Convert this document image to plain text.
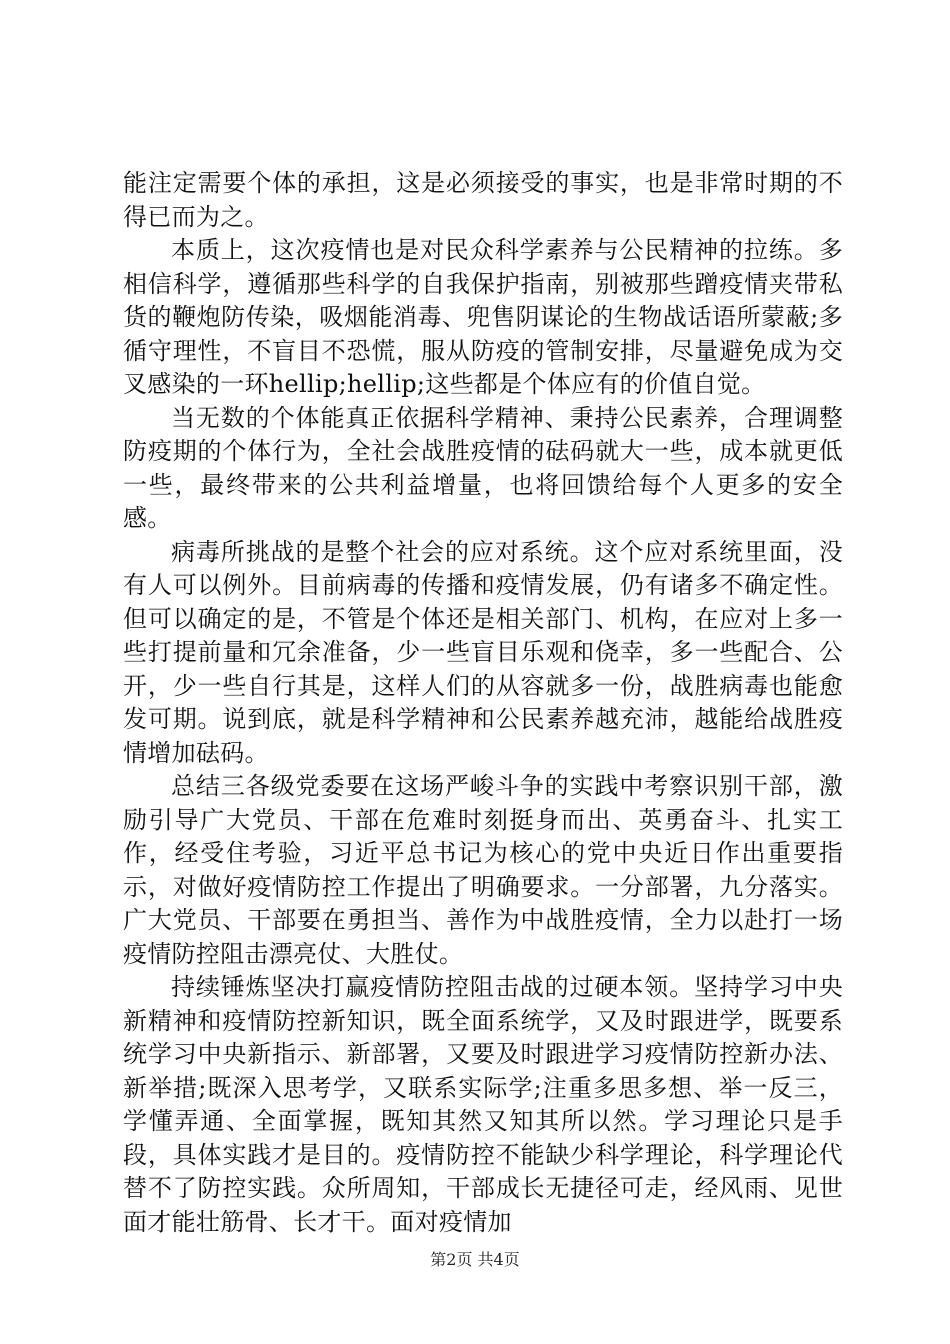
能注定需要个体的承担，这是必须接受的事实，也是非常时期的不得已而为之。

本质上，这次疫情也是对民众科学素养与公民精神的拉练。多相信科学，遵循那些科学的自我保护指南，别被那些蹭疫情夹带私货的鞭炮防传染，吸烟能消毒、兜售阴谋论的生物战话语所蒙蔽;多循守理性，不盲目不恐慌，服从防疫的管制安排，尽量避免成为交叉感染的一环hellip;hellip;这些都是个体应有的价值自觉。

当无数的个体能真正依据科学精神、秉持公民素养，合理调整防疫期的个体行为，全社会战胜疫情的砝码就大一些，成本就更低一些，最终带来的公共利益增量，也将回馈给每个人更多的安全感。

病毒所挑战的是整个社会的应对系统。这个应对系统里面，没有人可以例外。目前病毒的传播和疫情发展，仍有诸多不确定性。但可以确定的是，不管是个体还是相关部门、机构，在应对上多一些打提前量和冗余准备，少一些盲目乐观和侥幸，多一些配合、公开，少一些自行其是，这样人们的从容就多一份，战胜病毒也能愈发可期。说到底，就是科学精神和公民素养越充沛，越能给战胜疫情增加砝码。

总结三各级党委要在这场严峻斗争的实践中考察识别干部，激励引导广大党员、干部在危难时刻挺身而出、英勇奋斗、扎实工作，经受住考验，习近平总书记为核心的党中央近日作出重要指示，对做好疫情防控工作提出了明确要求。一分部署，九分落实。广大党员、干部要在勇担当、善作为中战胜疫情，全力以赴打一场疫情防控阻击漂亮仗、大胜仗。

持续锤炼坚决打赢疫情防控阻击战的过硬本领。坚持学习中央新精神和疫情防控新知识，既全面系统学，又及时跟进学，既要系统学习中央新指示、新部署，又要及时跟进学习疫情防控新办法、新举措;既深入思考学，又联系实际学;注重多思多想、举一反三，学懂弄通、全面掌握，既知其然又知其所以然。学习理论只是手段，具体实践才是目的。疫情防控不能缺少科学理论，科学理论代替不了防控实践。众所周知，干部成长无捷径可走，经风雨、见世面才能壮筋骨、长才干。面对疫情加

第2页 共4页
